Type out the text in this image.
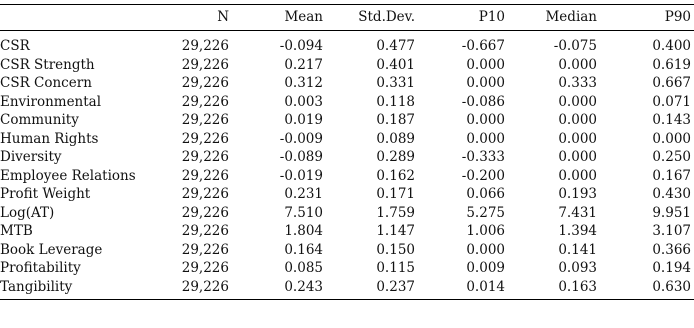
	N	Mean	Std.Dev.	P10	Median	P90
CSR	29,226	-0.094	0.477	-0.667	-0.075	0.400
CSR Strength	29,226	0.217	0.401	0.000	0.000	0.619
CSR Concern	29,226	0.312	0.331	0.000	0.333	0.667
Environmental	29,226	0.003	0.118	-0.086	0.000	0.071
Community	29,226	0.019	0.187	0.000	0.000	0.143
Human Rights	29,226	-0.009	0.089	0.000	0.000	0.000
Diversity	29,226	-0.089	0.289	-0.333	0.000	0.250
Employee Relations	29,226	-0.019	0.162	-0.200	0.000	0.167
Profit Weight	29,226	0.231	0.171	0.066	0.193	0.430
Log(AT)	29,226	7.510	1.759	5.275	7.431	9.951
MTB	29,226	1.804	1.147	1.006	1.394	3.107
Book Leverage	29,226	0.164	0.150	0.000	0.141	0.366
Profitability	29,226	0.085	0.115	0.009	0.093	0.194
Tangibility	29,226	0.243	0.237	0.014	0.163	0.630
